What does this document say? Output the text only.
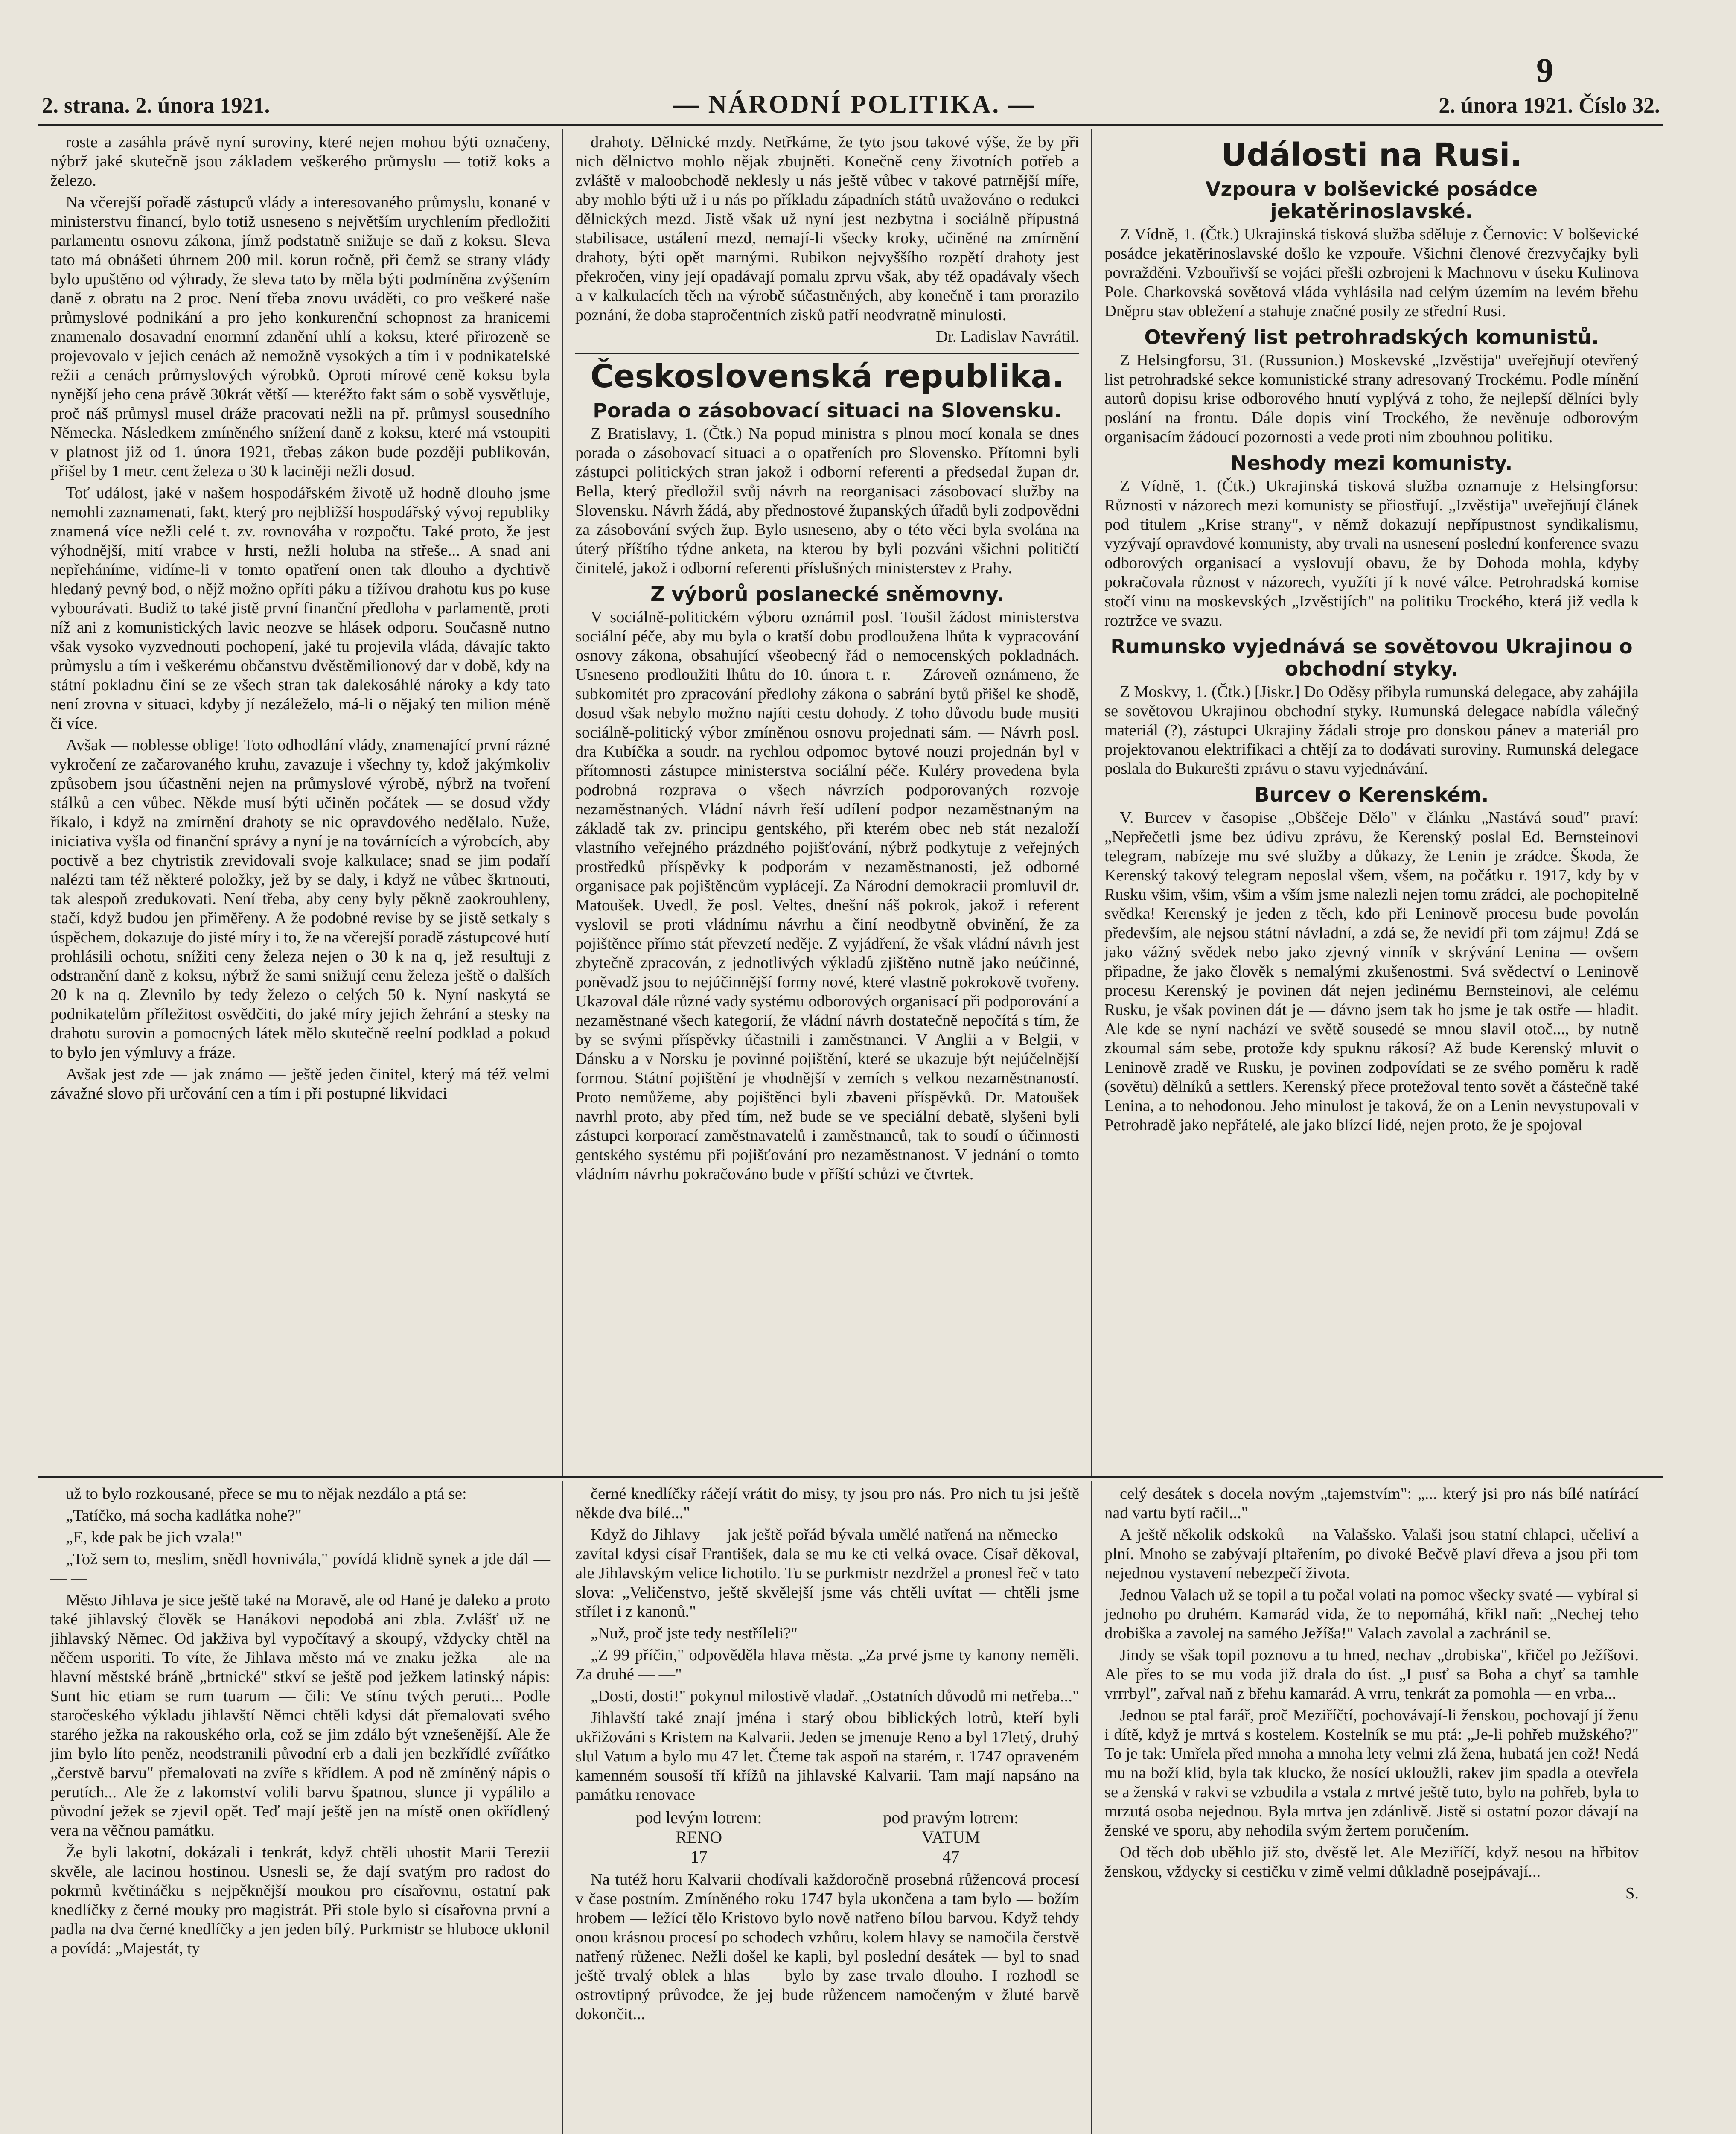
9
2. strana. 2. února 1921.	— NÁRODNÍ POLITIKA. —	2. února 1921. Číslo 32.

roste a zasáhla právě nyní suroviny, které nejen mohou býti označeny, nýbrž jaké skutečně jsou základem veškerého průmyslu — totiž koks a železo.

Na včerejší pořadě zástupců vlády a interesovaného průmyslu, konané v ministerstvu financí, bylo totiž usneseno s největším urychlením předložiti parlamentu osnovu zákona, jímž podstatně snižuje se daň z koksu. Sleva tato má obnášeti úhrnem 200 mil. korun ročně, při čemž se strany vlády bylo upuštěno od výhrady, že sleva tato by měla býti podmíněna zvýšením daně z obratu na 2 proc. Není třeba znovu uváděti, co pro veškeré naše průmyslové podnikání a pro jeho konkurenční schopnost za hranicemi znamenalo dosavadní enormní zdanění uhlí a koksu, které přirozeně se projevovalo v jejich cenách až nemožně vysokých a tím i v podnikatelské režii a cenách průmyslových výrobků. Oproti mírové ceně koksu byla nynější jeho cena právě 30krát větší — kteréžto fakt sám o sobě vysvětluje, proč náš průmysl musel dráže pracovati nežli na př. průmysl sousedního Německa. Následkem zmíněného snížení daně z koksu, které má vstoupiti v platnost již od 1. února 1921, třebas zákon bude později publikován, přišel by 1 metr. cent železa o 30 k laciněji nežli dosud.

Toť událost, jaké v našem hospodářském životě už hodně dlouho jsme nemohli zaznamenati, fakt, který pro nejbližší hospodářský vývoj republiky znamená více nežli celé t. zv. rovnováha v rozpočtu. Také proto, že jest výhodnější, mití vrabce v hrsti, nežli holuba na střeše... A snad ani nepřeháníme, vidíme-li v tomto opatření onen tak dlouho a dychtivě hledaný pevný bod, o nějž možno opříti páku a tížívou drahotu kus po kuse vybourávati. Budiž to také jistě první finanční předloha v parlamentě, proti níž ani z komunistických lavic neozve se hlásek odporu. Současně nutno však vysoko vyzvednouti pochopení, jaké tu projevila vláda, dávajíc takto průmyslu a tím i veškerému občanstvu dvěstěmilionový dar v době, kdy na státní pokladnu činí se ze všech stran tak dalekosáhlé nároky a kdy tato není zrovna v situaci, kdyby jí nezáleželo, má-li o nějaký ten milion méně či více.

Avšak — noblesse oblige! Toto odhodlání vlády, znamenající první rázné vykročení ze začarovaného kruhu, zavazuje i všechny ty, kdož jakýmkoliv způsobem jsou účastněni nejen na průmyslové výrobě, nýbrž na tvoření stálků a cen vůbec. Někde musí býti učiněn počátek — se dosud vždy říkalo, i když na zmírnění drahoty se nic opravdového nedělalo. Nuže, iniciativa vyšla od finanční správy a nyní je na továrnících a výrobcích, aby poctivě a bez chytristik zrevidovali svoje kalkulace; snad se jim podaří nalézti tam též některé položky, jež by se daly, i když ne vůbec škrtnouti, tak alespoň zredukovati. Není třeba, aby ceny byly pěkně zaokrouhleny, stačí, když budou jen přiměřeny. A že podobné revise by se jistě setkaly s úspěchem, dokazuje do jisté míry i to, že na včerejší poradě zástupcové hutí prohlásili ochotu, snížiti ceny železa nejen o 30 k na q, jež resultuji z odstranění daně z koksu, nýbrž že sami snižují cenu železa ještě o dalších 20 k na q. Zlevnilo by tedy železo o celých 50 k. Nyní naskytá se podnikatelům příležitost osvědčiti, do jaké míry jejich žehrání a stesky na drahotu surovin a pomocných látek mělo skutečně reelní podklad a pokud to bylo jen výmluvy a fráze.

Avšak jest zde — jak známo — ještě jeden činitel, který má též velmi závažné slovo při určování cen a tím i při postupné likvidaci

drahoty. Dělnické mzdy. Netřkáme, že tyto jsou takové výše, že by při nich dělnictvo mohlo nějak zbujněti. Konečně ceny životních potřeb a zvláště v maloobchodě neklesly u nás ještě vůbec v takové patrnější míře, aby mohlo býti už i u nás po příkladu západních států uvažováno o redukci dělnických mezd. Jistě však už nyní jest nezbytna i sociálně přípustná stabilisace, ustálení mezd, nemají-li všecky kroky, učiněné na zmírnění drahoty, býti opět marnými. Rubikon nejvyššího rozpětí drahoty jest překročen, viny její opadávají pomalu zprvu však, aby též opadávaly všech a v kalkulacích těch na výrobě súčastněných, aby konečně i tam prorazilo poznání, že doba stapročentních zisků patří neodvratně minulosti.

Dr. Ladislav Navrátil.

Československá republika.
Porada o zásobovací situaci na Slovensku.

Z Bratislavy, 1. (Čtk.) Na popud ministra s plnou mocí konala se dnes porada o zásobovací situaci a o opatřeních pro Slovensko. Přítomni byli zástupci politických stran jakož i odborní referenti a předsedal župan dr. Bella, který předložil svůj návrh na reorganisaci zásobovací služby na Slovensku. Návrh žádá, aby přednostové županských úřadů byli zodpovědni za zásobování svých žup. Bylo usneseno, aby o této věci byla svolána na úterý příštího týdne anketa, na kterou by byli pozváni všichni političtí činitelé, jakož i odborní referenti příslušných ministerstev z Prahy.

Z výborů poslanecké sněmovny.

V sociálně-politickém výboru oznámil posl. Toušil žádost ministerstva sociální péče, aby mu byla o kratší dobu prodloužena lhůta k vypracování osnovy zákona, obsahující všeobecný řád o nemocenských pokladnách. Usneseno prodloužiti lhůtu do 10. února t. r. — Zároveň oznámeno, že subkomitét pro zpracování předlohy zákona o sabrání bytů přišel ke shodě, dosud však nebylo možno najíti cestu dohody. Z toho důvodu bude musiti sociálně-politický výbor zmíněnou osnovu projednati sám. — Návrh posl. dra Kubíčka a soudr. na rychlou odpomoc bytové nouzi projednán byl v přítomnosti zástupce ministerstva sociální péče. Kuléry provedena byla podrobná rozprava o všech návrzích podporovaných rozvoje nezaměstnaných. Vládní návrh řeší udílení podpor nezaměstnaným na základě tak zv. principu gentského, při kterém obec neb stát nezaloží vlastního veřejného prázdného pojišťování, nýbrž podkytuje z veřejných prostředků příspěvky k podporám v nezaměstnanosti, jež odborné organisace pak pojištěncům vyplácejí. Za Národní demokracii promluvil dr. Matoušek. Uvedl, že posl. Veltes, dnešní náš pokrok, jakož i referent vyslovil se proti vládnímu návrhu a činí neodbytně obvinění, že za pojištěnce přímo stát převzetí neděje. Z vyjádření, že však vládní návrh jest zbytečně zpracován, z jednotlivých výkladů zjištěno nutně jako neúčinné, poněvadž jsou to nejúčinnější formy nové, které vlastně pokrokově tvořeny. Ukazoval dále různé vady systému odborových organisací při podporování a nezaměstnané všech kategorií, že vládní návrh dostatečně nepočítá s tím, že by se svými příspěvky účastnili i zaměstnanci. V Anglii a v Belgii, v Dánsku a v Norsku je povinné pojištění, které se ukazuje být nejúčelnější formou. Státní pojištění je vhodnější v zemích s velkou nezaměstnaností. Proto nemůžeme, aby pojištěnci byli zbaveni příspěvků. Dr. Matoušek navrhl proto, aby před tím, než bude se ve speciální debatě, slyšeni byli zástupci korporací zaměstnavatelů i zaměstnanců, tak to soudí o účinnosti gentského systému při pojišťování pro nezaměstnanost. V jednání o tomto vládním návrhu pokračováno bude v příští schůzi ve čtvrtek.

Události na Rusi.
Vzpoura v bolševické posádce jekatěrinoslavské.

Z Vídně, 1. (Čtk.) Ukrajinská tisková služba sděluje z Černovic: V bolševické posádce jekatěrinoslavské došlo ke vzpouře. Všichni členové črezvyčajky byli povražděni. Vzbouřivší se vojáci přešli ozbrojeni k Machnovu v úseku Kulinova Pole. Charkovská sovětová vláda vyhlásila nad celým územím na levém břehu Dněpru stav obležení a stahuje značné posily ze střední Rusi.

Otevřený list petrohradských komunistů.

Z Helsingforsu, 31. (Russunion.) Moskevské „Izvěstija" uveřejňují otevřený list petrohradské sekce komunistické strany adresovaný Trockému. Podle mínění autorů dopisu krise odborového hnutí vyplývá z toho, že nejlepší dělníci byly poslání na frontu. Dále dopis viní Trockého, že nevěnuje odborovým organisacím žádoucí pozornosti a vede proti nim zbouhnou politiku.

Neshody mezi komunisty.

Z Vídně, 1. (Čtk.) Ukrajinská tisková služba oznamuje z Helsingforsu: Různosti v názorech mezi komunisty se přiostřují. „Izvěstija" uveřejňují článek pod titulem „Krise strany", v němž dokazují nepřípustnost syndikalismu, vyzývají opravdové komunisty, aby trvali na usnesení poslední konference svazu odborových organisací a vyslovují obavu, že by Dohoda mohla, kdyby pokračovala různost v názorech, využíti jí k nové válce. Petrohradská komise stočí vinu na moskevských „Izvěstijích" na politiku Trockého, která již vedla k roztržce ve svazu.

Rumunsko vyjednává se sovětovou Ukrajinou o obchodní styky.

Z Moskvy, 1. (Čtk.) [Jiskr.] Do Oděsy přibyla rumunská delegace, aby zahájila se sovětovou Ukrajinou obchodní styky. Rumunská delegace nabídla válečný materiál (?), zástupci Ukrajiny žádali stroje pro donskou pánev a materiál pro projektovanou elektrifikaci a chtějí za to dodávati suroviny. Rumunská delegace poslala do Bukurešti zprávu o stavu vyjednávání.

Burcev o Kerenském.

V. Burcev v časopise „Obščeje Dělo" v článku „Nastává soud" praví: „Nepřečetli jsme bez údivu zprávu, že Kerenský poslal Ed. Bernsteinovi telegram, nabízeje mu své služby a důkazy, že Lenin je zrádce. Škoda, že Kerenský takový telegram neposlal všem, všem, na počátku r. 1917, kdy by v Rusku všim, všim, všim a vším jsme nalezli nejen tomu zrádci, ale pochopitelně svědka! Kerenský je jeden z těch, kdo při Leninově procesu bude povolán především, ale nejsou státní návladní, a zdá se, že nevidí při tom zájmu! Zdá se jako vážný svědek nebo jako zjevný vinník v skrývání Lenina — ovšem připadne, že jako člověk s nemalými zkušenostmi. Svá svědectví o Leninově procesu Kerenský je povinen dát nejen jedinému Bernsteinovi, ale celému Rusku, je však povinen dát je — dávno jsem tak ho jsme je tak ostře — hladit. Ale kde se nyní nachází ve světě sousedé se mnou slavil otoč..., by nutně zkoumal sám sebe, protože kdy spuknu rákosí? Až bude Kerenský mluvit o Leninově zradě ve Rusku, je povinen zodpovídati se ze svého poměru k radě (sovětu) dělníků a settlers. Kerenský přece protežoval tento sovět a částečně také Lenina, a to nehodonou. Jeho minulost je taková, že on a Lenin nevystupovali v Petrohradě jako nepřátelé, ale jako blízcí lidé, nejen proto, že je spojoval

už to bylo rozkousané, přece se mu to nějak nezdálo a ptá se:

„Tatíčko, má socha kadlátka nohe?"

„E, kde pak be jich vzala!"

„Tož sem to, meslim, snědl hovnivála," povídá klidně synek a jde dál — — —

Město Jihlava je sice ještě také na Moravě, ale od Hané je daleko a proto také jihlavský člověk se Hanákovi nepodobá ani zbla. Zvlášť už ne jihlavský Němec. Od jakživa byl vypočítavý a skoupý, vždycky chtěl na něčem usporiti. To víte, že Jihlava město má ve znaku ježka — ale na hlavní městské bráně „brtnické" stkví se ještě pod ježkem latinský nápis: Sunt hic etiam se rum tuarum — čili: Ve stínu tvých peruti... Podle staročeského výkladu jihlavští Němci chtěli kdysi dát přemalovati svého starého ježka na rakouského orla, což se jim zdálo být vznešenější. Ale že jim bylo líto peněz, neodstranili původní erb a dali jen bezkřídlé zvířátko „čerstvě barvu" přemalovati na zvíře s křídlem. A pod ně zmíněný nápis o perutích... Ale že z lakomství volili barvu špatnou, slunce ji vypálilo a původní ježek se zjevil opět. Teď mají ještě jen na místě onen okřídlený vera na věčnou památku.

Že byli lakotní, dokázali i tenkrát, když chtěli uhostit Marii Terezii skvěle, ale lacinou hostinou. Usnesli se, že dají svatým pro radost do pokrmů květináčku s nejpěknější moukou pro císařovnu, ostatní pak knedlíčky z černé mouky pro magistrát. Při stole bylo si císařovna první a padla na dva černé knedlíčky a jen jeden bílý. Purkmistr se hluboce uklonil a povídá: „Majestát, ty

černé knedlíčky ráčejí vrátit do misy, ty jsou pro nás. Pro nich tu jsi ještě někde dva bílé..."

Když do Jihlavy — jak ještě pořád bývala umělé natřená na německo — zavítal kdysi císař František, dala se mu ke cti velká ovace. Císař děkoval, ale Jihlavským velice lichotilo. Tu se purkmistr nezdržel a pronesl řeč v tato slova: „Veličenstvo, ještě skvělejší jsme vás chtěli uvítat — chtěli jsme střílet i z kanonů."

„Nuž, proč jste tedy nestříleli?"

„Z 99 příčin," odpověděla hlava města. „Za prvé jsme ty kanony neměli. Za druhé — —"

„Dosti, dosti!" pokynul milostivě vladař. „Ostatních důvodů mi netřeba..."

Jihlavští také znají jména i starý obou biblických lotrů, kteří byli ukřižováni s Kristem na Kalvarii. Jeden se jmenuje Reno a byl 17letý, druhý slul Vatum a bylo mu 47 let. Čteme tak aspoň na starém, r. 1747 opraveném kamenném sousoší tří křížů na jihlavské Kalvarii. Tam mají napsáno na památku renovace

pod levým lotrem:
RENO
17
pod pravým lotrem:
VATUM
47

Na tutéž horu Kalvarii chodívali každoročně prosebná růžencová procesí v čase postním. Zmíněného roku 1747 byla ukončena a tam bylo — božím hrobem — ležící tělo Kristovo bylo nově natřeno bílou barvou. Když tehdy onou krásnou procesí po schodech vzhůru, kolem hlavy se namočila čerstvě natřený růženec. Nežli došel ke kapli, byl poslední desátek — byl to snad ještě trvalý oblek a hlas — bylo by zase trvalo dlouho. I rozhodl se ostrovtipný průvodce, že jej bude růžencem namočeným v žluté barvě dokončit...

celý desátek s docela novým „tajemstvím": „... který jsi pro nás bílé natírácí nad vartu bytí račil..."

A ještě několik odskoků — na Valašsko. Valaši jsou statní chlapci, učeliví a plní. Mnoho se zabývají pltařením, po divoké Bečvě plaví dřeva a jsou při tom nejednou vystavení nebezpečí života.

Jednou Valach už se topil a tu počal volati na pomoc všecky svaté — vybíral si jednoho po druhém. Kamarád vida, že to nepomáhá, křikl naň: „Nechej teho drobiška a zavolej na samého Ježíša!" Valach zavolal a zachránil se.

Jindy se však topil poznovu a tu hned, nechav „drobiska", křičel po Ježíšovi. Ale přes to se mu voda již drala do úst. „I pusť sa Boha a chyť sa tamhle vrrrbyl", zařval naň z břehu kamarád. A vrru, tenkrát za pomohla — en vrba...

Jednou se ptal farář, proč Meziříčtí, pochovávají-li ženskou, pochovají jí ženu i dítě, když je mrtvá s kostelem. Kostelník se mu ptá: „Je-li pohřeb mužského?" To je tak: Umřela před mnoha a mnoha lety velmi zlá žena, hubatá jen což! Nedá mu na boží klid, byla tak klucko, že nosící ukloužli, rakev jim spadla a otevřela se a ženská v rakvi se vzbudila a vstala z mrtvé ještě tuto, bylo na pohřeb, byla to mrzutá osoba nejednou. Byla mrtva jen zdánlivě. Jistě si ostatní pozor dávají na ženské ve sporu, aby nehodila svým žertem poručením.

Od těch dob uběhlo již sto, dvěstě let. Ale Meziříčí, když nesou na hřbitov ženskou, vždycky si cestičku v zimě velmi důkladně posejpávají...

S.
